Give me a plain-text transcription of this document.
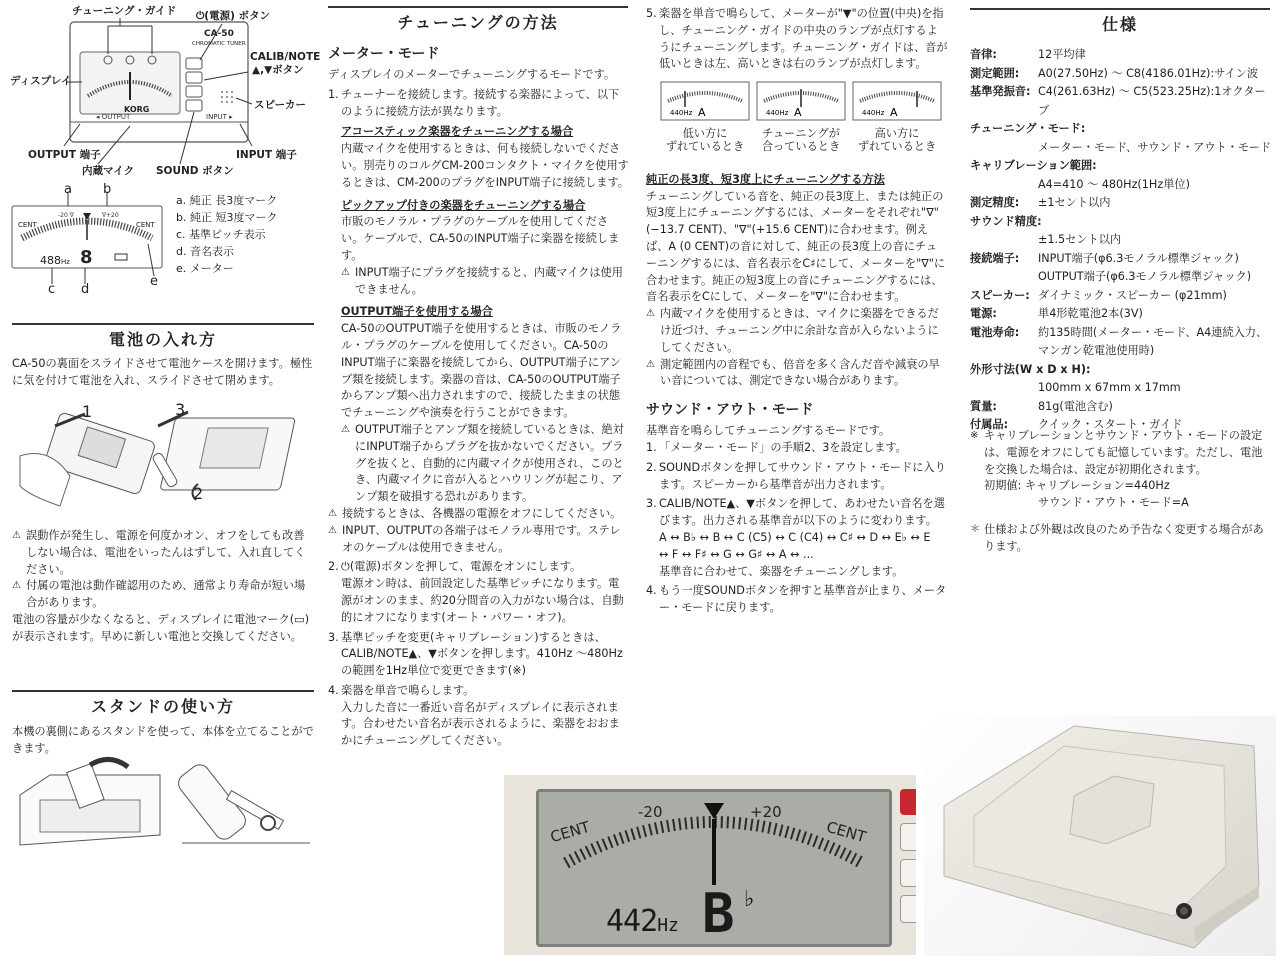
◂ OUTPUT	INPUT ▸
チューニング・ガイド ⏻(電源) ボタン
ディスプレイ
CALIB/NOTE
▲,▼ボタン
スピーカー
OUTPUT 端子	INPUT 端子
内蔵マイク SOUND ボタン
CA-50
CHROMATIC TUNER
KORG
-20 ∇	∇+20
a b
c d
e
CENT	CENT
488Hz 8
a. 純正 長3度マーク
b. 純正 短3度マーク
c. 基準ピッチ表示
d. 音名表示
e. メーター
電池の入れ方
CA-50の裏面をスライドさせて電池ケースを開けます。極性に気を付けて電池を入れ、スライドさせて閉めます。
1
2
3
⚠ 誤動作が発生し、電源を何度かオン、オフをしても改善しない場合は、電池をいったんはずして、入れ直してください。
⚠ 付属の電池は動作確認用のため、通常より寿命が短い場合があります。
電池の容量が少なくなると、ディスプレイに電池マーク(▭)が表示されます。早めに新しい電池と交換してください。
スタンドの使い方
本機の裏側にあるスタンドを使って、本体を立てることができます。
チューニングの方法
メーター・モード
ディスプレイのメーターでチューニングするモードです。
1. チューナーを接続します。接続する楽器によって、以下のように接続方法が異なります。
アコースティック楽器をチューニングする場合
内蔵マイクを使用するときは、何も接続しないでください。別売りのコルグCM-200コンタクト・マイクを使用するときは、CM-200のプラグをINPUT端子に接続します。
ピックアップ付きの楽器をチューニングする場合
市販のモノラル・プラグのケーブルを使用してください。ケーブルで、CA-50のINPUT端子に楽器を接続します。
⚠ INPUT端子にプラグを接続すると、内蔵マイクは使用できません。
OUTPUT端子を使用する場合
CA-50のOUTPUT端子を使用するときは、市販のモノラル・プラグのケーブルを使用してください。CA-50のINPUT端子に楽器を接続してから、OUTPUT端子にアンプ類を接続します。楽器の音は、CA-50のOUTPUT端子からアンプ類へ出力されますので、接続したままの状態でチューニングや演奏を行うことができます。
⚠ OUTPUT端子とアンプ類を接続しているときは、絶対にINPUT端子からプラグを抜かないでください。プラグを抜くと、自動的に内蔵マイクが使用され、このとき、内蔵マイクに音が入るとハウリングが起こり、アンプ類を破損する恐れがあります。
⚠ 接続するときは、各機器の電源をオフにしてください。
⚠ INPUT、OUTPUTの各端子はモノラル専用です。ステレオのケーブルは使用できません。
2. ⏻(電源)ボタンを押して、電源をオンにします。
電源オン時は、前回設定した基準ピッチになります。電源がオンのまま、約20分間音の入力がない場合は、自動的にオフになります(オート・パワー・オフ)。
3. 基準ピッチを変更(キャリブレーション)するときは、CALIB/NOTE▲、▼ボタンを押します。410Hz ～480Hzの範囲を1Hz単位で変更できます(※)
4. 楽器を単音で鳴らします。
入力した音に一番近い音名がディスプレイに表示されます。合わせたい音名が表示されるように、楽器をおおまかにチューニングしてください。
5. 楽器を単音で鳴らして、メーターが"▼"の位置(中央)を指し、チューニング・ガイドの中央のランプが点灯するようにチューニングします。チューニング・ガイドは、音が低いときは左、高いときは右のランプが点灯します。
440Hz A
低い方に
ずれているとき
440Hz A
チューニングが
合っているとき
440Hz A
高い方に
ずれているとき
純正の長3度、短3度上にチューニングする方法
チューニングしている音を、純正の長3度上、または純正の短3度上にチューニングするには、メーターをそれぞれ"∇"(−13.7 CENT)、"∇"(+15.6 CENT)に合わせます。例えば、A (0 CENT)の音に対して、純正の長3度上の音にチューニングするには、音名表示をC♯にして、メーターを"∇"に合わせます。純正の短3度上の音にチューニングするには、音名表示をCにして、メーターを"∇"に合わせます。
⚠ 内蔵マイクを使用するときは、マイクに楽器をできるだけ近づけ、チューニング中に余計な音が入らないようにしてください。
⚠ 測定範囲内の音程でも、倍音を多く含んだ音や減衰の早い音については、測定できない場合があります。
サウンド・アウト・モード
基準音を鳴らしてチューニングするモードです。
1. 「メーター・モード」の手順2、3を設定します。
2. SOUNDボタンを押してサウンド・アウト・モードに入ります。スピーカーから基準音が出力されます。
3. CALIB/NOTE▲、▼ボタンを押して、あわせたい音名を選びます。出力される基準音が以下のように変わります。
A ↔ B♭ ↔ B ↔ C (C5) ↔ C (C4) ↔ C♯ ↔ D ↔ E♭ ↔ E
↔ F ↔ F♯ ↔ G ↔ G♯ ↔ A ↔ ...
基準音に合わせて、楽器をチューニングします。
4. もう一度SOUNDボタンを押すと基準音が止まり、メーター・モードに戻ります。
仕様
音律:	12平均律
測定範囲:	A0(27.50Hz) ～ C8(4186.01Hz):サイン波
基準発振音: C4(261.63Hz) ～ C5(523.25Hz):1オクターブ
チューニング・モード:
メーター・モード、サウンド・アウト・モード
キャリブレーション範囲:
A4=410 ～ 480Hz(1Hz単位)
測定精度:	±1セント以内
サウンド精度:
±1.5セント以内
接続端子:	INPUT端子(φ6.3モノラル標準ジャック)
OUTPUT端子(φ6.3モノラル標準ジャック)
スピーカー: ダイナミック・スピーカー (φ21mm)
電源:	単4形乾電池2本(3V)
電池寿命:	約135時間(メーター・モード、A4連続入力、
マンガン乾電池使用時)
外形寸法(W x D x H):
100mm x 67mm x 17mm
質量:	81g(電池含む)
付属品:	クイック・スタート・ガイド
※ キャリブレーションとサウンド・アウト・モードの設定は、電源をオフにしても記憶しています。ただし、電池を交換した場合は、設定が初期化されます。
初期値: キャリブレーション=440Hz
サウンド・アウト・モード=A
＊ 仕様および外観は改良のため予告なく変更する場合があります。
-20	+20
CENT	CENT
442Hz B ♭
